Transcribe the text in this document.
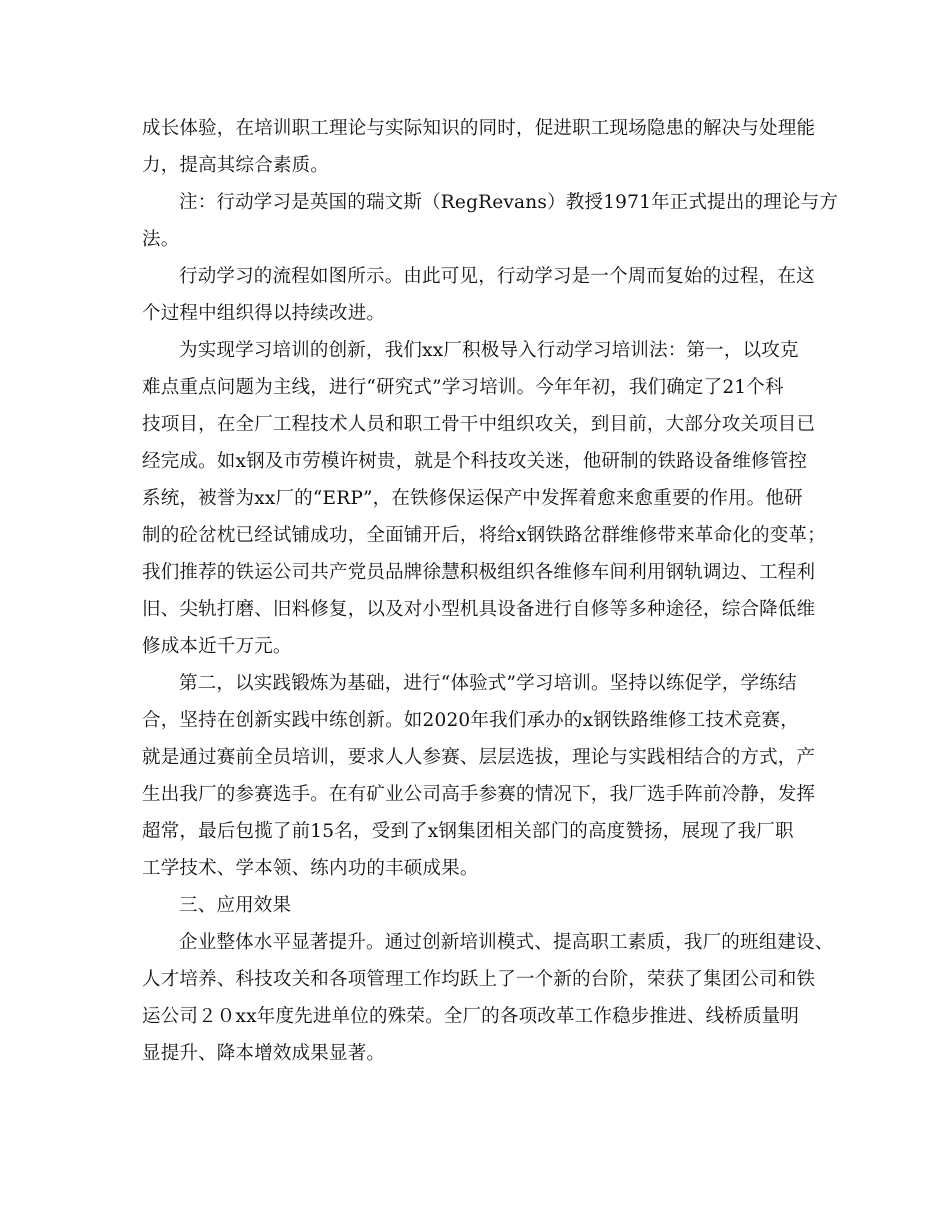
成长体验，在培训职工理论与实际知识的同时，促进职工现场隐患的解决与处理能
力，提高其综合素质。
注：行动学习是英国的瑞文斯（RegRevans）教授1971年正式提出的理论与方
法。
行动学习的流程如图所示。由此可见，行动学习是一个周而复始的过程，在这
个过程中组织得以持续改进。
为实现学习培训的创新，我们xx厂积极导入行动学习培训法：第一，以攻克
难点重点问题为主线，进行“研究式”学习培训。今年年初，我们确定了21个科
技项目，在全厂工程技术人员和职工骨干中组织攻关，到目前，大部分攻关项目已
经完成。如x钢及市劳模许树贵，就是个科技攻关迷，他研制的铁路设备维修管控
系统，被誉为xx厂的“ERP”，在铁修保运保产中发挥着愈来愈重要的作用。他研
制的砼岔枕已经试铺成功，全面铺开后，将给x钢铁路岔群维修带来革命化的变革；
我们推荐的铁运公司共产党员品牌徐慧积极组织各维修车间利用钢轨调边、工程利
旧、尖轨打磨、旧料修复，以及对小型机具设备进行自修等多种途径，综合降低维
修成本近千万元。
第二，以实践锻炼为基础，进行“体验式”学习培训。坚持以练促学，学练结
合，坚持在创新实践中练创新。如2020年我们承办的x钢铁路维修工技术竞赛，
就是通过赛前全员培训，要求人人参赛、层层选拔，理论与实践相结合的方式，产
生出我厂的参赛选手。在有矿业公司高手参赛的情况下，我厂选手阵前冷静，发挥
超常，最后包揽了前15名，受到了x钢集团相关部门的高度赞扬，展现了我厂职
工学技术、学本领、练内功的丰硕成果。
三、应用效果
企业整体水平显著提升。通过创新培训模式、提高职工素质，我厂的班组建设、
人才培养、科技攻关和各项管理工作均跃上了一个新的台阶，荣获了集团公司和铁
运公司２０xx年度先进单位的殊荣。全厂的各项改革工作稳步推进、线桥质量明
显提升、降本增效成果显著。
